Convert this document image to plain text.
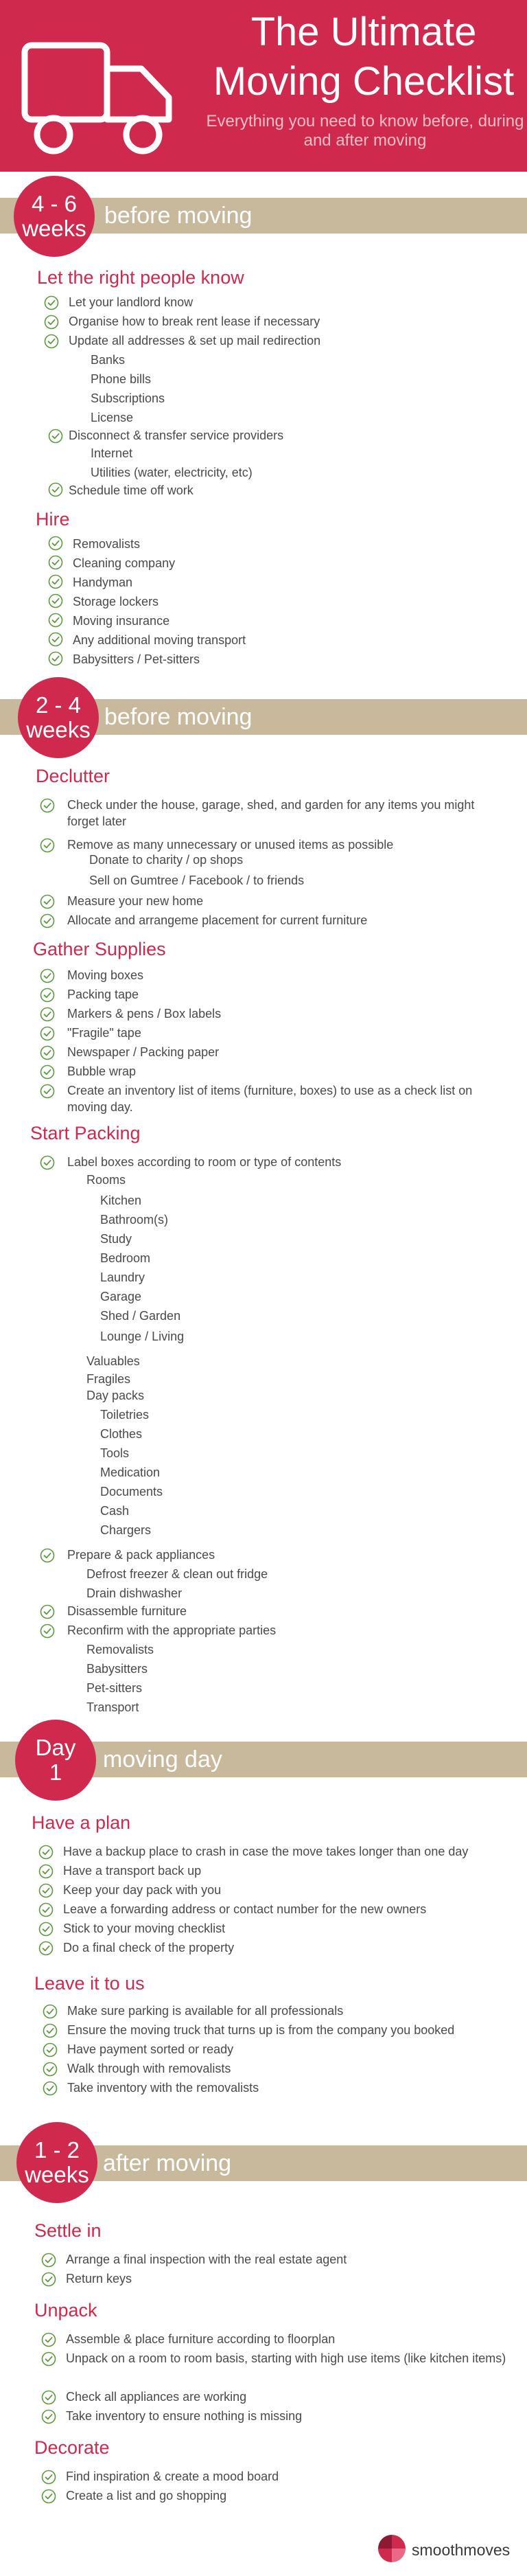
The Ultimate
Moving Checklist
Everything you need to know before, during and after moving
before moving
4 - 6
weeks
Let the right people know
Let your landlord know
Organise how to break rent lease if necessary
Update all addresses & set up mail redirection
Banks
Phone bills
Subscriptions
License
Disconnect & transfer service providers
Internet
Utilities (water, electricity, etc)
Schedule time off work
Hire
Removalists
Cleaning company
Handyman
Storage lockers
Moving insurance
Any additional moving transport
Babysitters / Pet-sitters
before moving
2 - 4
weeks
Declutter
Check under the house, garage, shed, and garden for any items you might forget later
Remove as many unnecessary or unused items as possible
Donate to charity / op shops
Sell on Gumtree / Facebook / to friends
Measure your new home
Allocate and arrangeme placement for current furniture
Gather Supplies
Moving boxes
Packing tape
Markers & pens / Box labels
"Fragile" tape
Newspaper / Packing paper
Bubble wrap
Create an inventory list of items (furniture, boxes) to use as a check list on moving day.
Start Packing
Label boxes according to room or type of contents
Rooms
Kitchen
Bathroom(s)
Study
Bedroom
Laundry
Garage
Shed / Garden
Lounge / Living
Valuables
Fragiles
Day packs
Toiletries
Clothes
Tools
Medication
Documents
Cash
Chargers
Prepare & pack appliances
Defrost freezer & clean out fridge
Drain dishwasher
Disassemble furniture
Reconfirm with the appropriate parties
Removalists
Babysitters
Pet-sitters
Transport
moving day
Day
1
Have a plan
Have a backup place to crash in case the move takes longer than one day
Have a transport back up
Keep your day pack with you
Leave a forwarding address or contact number for the new owners
Stick to your moving checklist
Do a final check of the property
Leave it to us
Make sure parking is available for all professionals
Ensure the moving truck that turns up is from the company you booked
Have payment sorted or ready
Walk through with removalists
Take inventory with the removalists
after moving
1 - 2
weeks
Settle in
Arrange a final inspection with the real estate agent
Return keys
Unpack
Assemble & place furniture according to floorplan
Unpack on a room to room basis, starting with high use items (like kitchen items)
Check all appliances are working
Take inventory to ensure nothing is missing
Decorate
Find inspiration & create a mood board
Create a list and go shopping
smoothmoves
